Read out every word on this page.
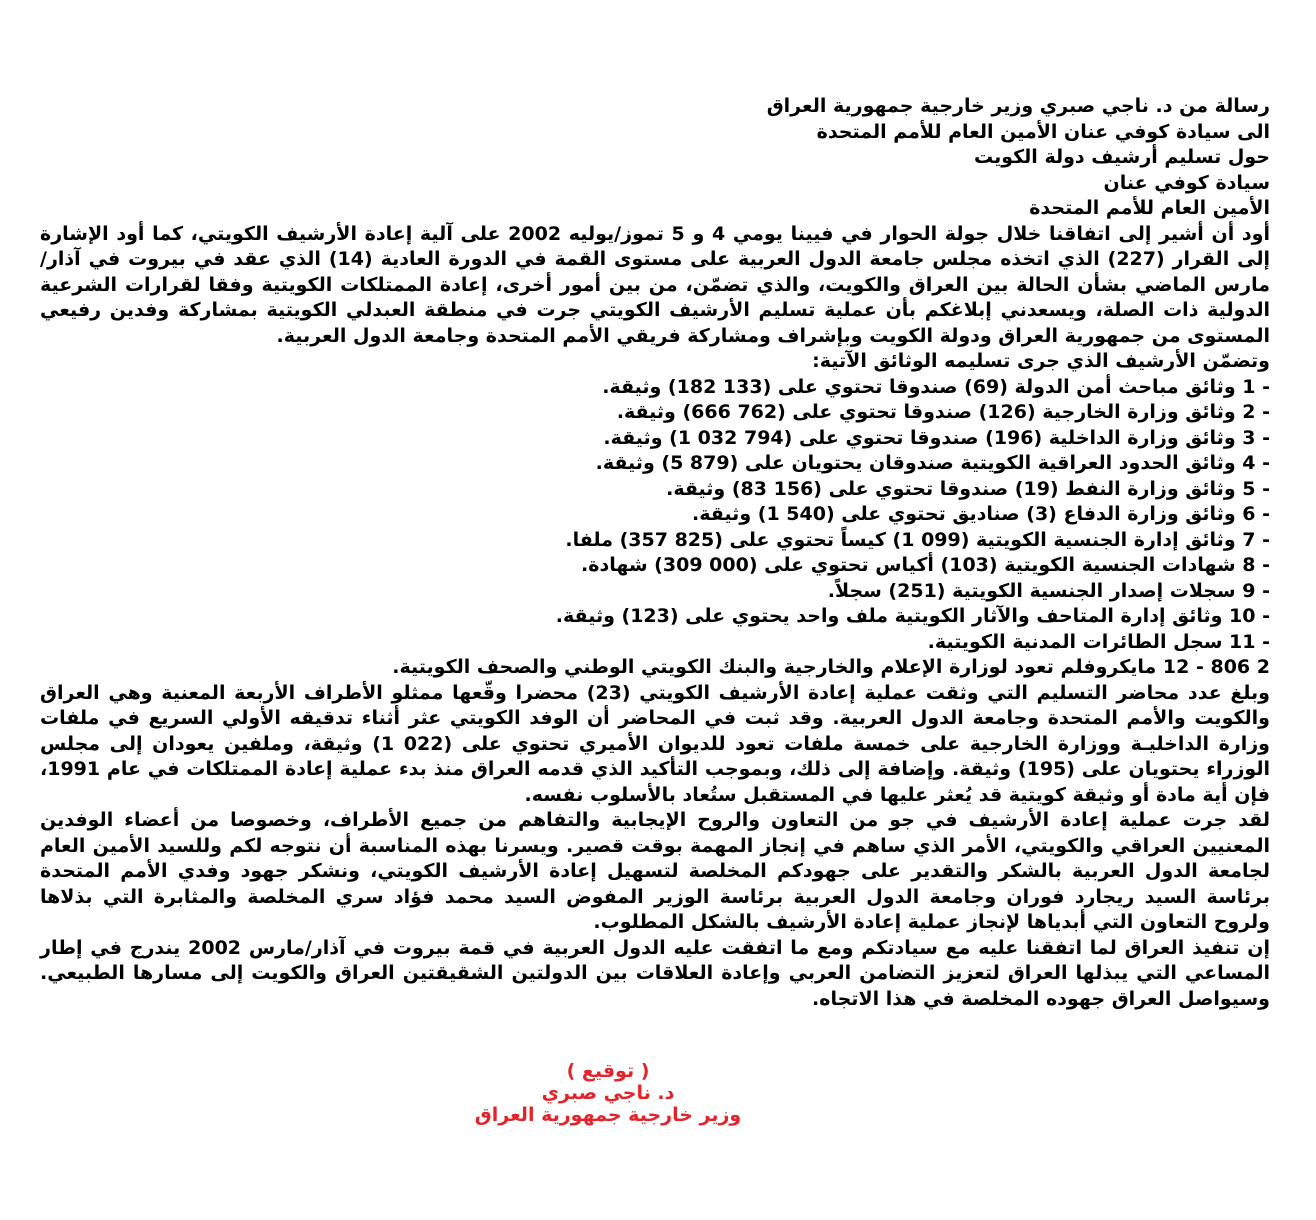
رسالة من د. ناجي صبري وزير خارجية جمهورية العراق
الى سيادة كوفي عنان الأمين العام للأمم المتحدة
حول تسليم أرشيف دولة الكويت
سيادة كوفي عنان
الأمين العام للأمم المتحدة
أود أن أشير إلى اتفاقنا خلال جولة الحوار في فيينا يومي 4 و 5 تموز/يوليه 2002 على آلية إعادة الأرشيف الكويتي، كما أود الإشارة إلى القرار (227) الذي اتخذه مجلس جامعة الدول العربية على مستوى القمة في الدورة العادية (14) الذي عقد في بيروت في آذار/مارس الماضي بشأن الحالة بين العراق والكويت، والذي تضمّن، من بين أمور أخرى، إعادة الممتلكات الكويتية وفقا لقرارات الشرعية الدولية ذات الصلة، ويسعدني إبلاغكم بأن عملية تسليم الأرشيف الكويتي جرت في منطقة العبدلي الكويتية بمشاركة وفدين رفيعي المستوى من جمهورية العراق ودولة الكويت وبإشراف ومشاركة فريقي الأمم المتحدة وجامعة الدول العربية.
وتضمّن الأرشيف الذي جرى تسليمه الوثائق الآتية:
- 1 وثائق مباحث أمن الدولة (69) صندوقا تحتوي على (133 182) وثيقة.
- 2 وثائق وزارة الخارجية (126) صندوقا تحتوي على (762 666) وثيقة.
- 3 وثائق وزارة الداخلية (196) صندوقا تحتوي على (794 032 1) وثيقة.
- 4 وثائق الحدود العراقية الكويتية صندوقان يحتويان على (879 5) وثيقة.
- 5 وثائق وزارة النفط (19) صندوقا تحتوي على (156 83) وثيقة.
- 6 وثائق وزارة الدفاع (3) صناديق تحتوي على (540 1) وثيقة.
- 7 وثائق إدارة الجنسية الكويتية (099 1) كيساً تحتوي على (825 357) ملفا.
- 8 شهادات الجنسية الكويتية (103) أكياس تحتوي على (000 309) شهادة.
- 9 سجلات إصدار الجنسية الكويتية (251) سجلاً.
- 10 وثائق إدارة المتاحف والآثار الكويتية ملف واحد يحتوي على (123) وثيقة.
- 11 سجل الطائرات المدنية الكويتية.
2 806 - 12 مايكروفلم تعود لوزارة الإعلام والخارجية والبنك الكويتي الوطني والصحف الكويتية.
وبلغ عدد محاضر التسليم التي وثقت عملية إعادة الأرشيف الكويتي (23) محضرا وقّعها ممثلو الأطراف الأربعة المعنية وهي العراق والكويت والأمم المتحدة وجامعة الدول العربية. وقد ثبت في المحاضر أن الوفد الكويتي عثر أثناء تدقيقه الأولي السريع في ملفات وزارة الداخليـة ووزارة الخارجية على خمسة ملفات تعود للديوان الأميري تحتوي على (022 1) وثيقة، وملفين يعودان إلى مجلس الوزراء يحتويان على (195) وثيقة. وإضافة إلى ذلك، وبموجب التأكيد الذي قدمه العراق منذ بدء عملية إعادة الممتلكات في عام 1991، فإن أية مادة أو وثيقة كويتية قد يُعثر عليها في المستقبل ستُعاد بالأسلوب نفسه.
لقد جرت عملية إعادة الأرشيف في جو من التعاون والروح الإيجابية والتفاهم من جميع الأطراف، وخصوصا من أعضاء الوفدين المعنيين العراقي والكويتي، الأمر الذي ساهم في إنجاز المهمة بوقت قصير. ويسرنا بهذه المناسبة أن نتوجه لكم وللسيد الأمين العام لجامعة الدول العربية بالشكر والتقدير على جهودكم المخلصة لتسهيل إعادة الأرشيف الكويتي، ونشكر جهود وفدي الأمم المتحدة برئاسة السيد ريجارد فوران وجامعة الدول العربية برئاسة الوزير المفوض السيد محمد فؤاد سري المخلصة والمثابرة التي بذلاها ولروح التعاون التي أبدياها لإنجاز عملية إعادة الأرشيف بالشكل المطلوب.
إن تنفيذ العراق لما اتفقنا عليه مع سيادتكم ومع ما اتفقت عليه الدول العربية في قمة بيروت في آذار/مارس 2002 يندرج في إطار المساعي التي يبذلها العراق لتعزيز التضامن العربي وإعادة العلاقات بين الدولتين الشقيقتين العراق والكويت إلى مسارها الطبيعي. وسيواصل العراق جهوده المخلصة في هذا الاتجاه.
( توقيع )
د. ناجي صبري
وزير خارجية جمهورية العراق
